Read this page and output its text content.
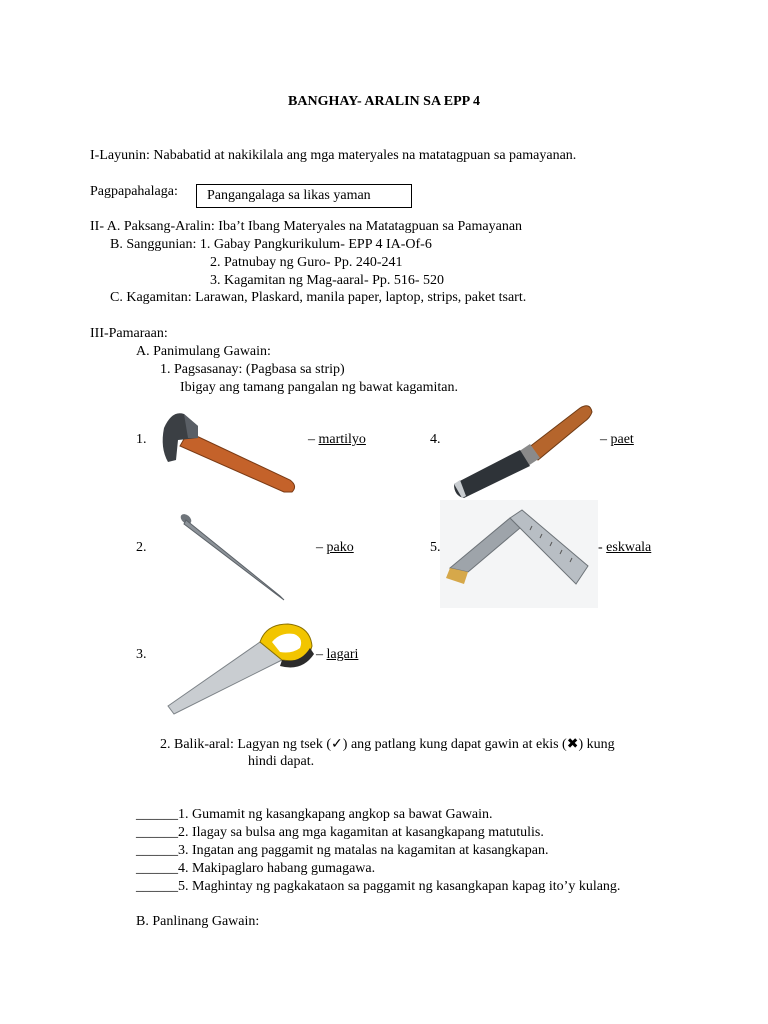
BANGHAY- ARALIN SA EPP 4
I-Layunin: Nababatid at nakikilala ang mga materyales na matatagpuan sa pamayanan.
Pagpapahalaga:	Pangangalaga sa likas yaman
II- A. Paksang-Aralin: Iba’t Ibang Materyales na Matatagpuan sa Pamayanan
B. Sanggunian: 1. Gabay Pangkurikulum- EPP 4 IA-Of-6
2. Patnubay ng Guro- Pp. 240-241
3. Kagamitan ng Mag-aaral- Pp. 516- 520
C. Kagamitan: Larawan, Plaskard, manila paper, laptop, strips, paket tsart.
III-Pamaraan:
A. Panimulang Gawain:
1. Pagsasanay: (Pagbasa sa strip)
Ibigay ang tamang pangalan ng bawat kagamitan.
1.	– martilyo	4.	– paet
2.	– pako	5.	- eskwala
3.	– lagari
2. Balik-aral: Lagyan ng tsek (✓) ang patlang kung dapat gawin at ekis (✖) kung
hindi dapat.
______1. Gumamit ng kasangkapang angkop sa bawat Gawain.
______2. Ilagay sa bulsa ang mga kagamitan at kasangkapang matutulis.
______3. Ingatan ang paggamit ng matalas na kagamitan at kasangkapan.
______4. Makipaglaro habang gumagawa.
______5. Maghintay ng pagkakataon sa paggamit ng kasangkapan kapag ito’y kulang.
B. Panlinang Gawain:
